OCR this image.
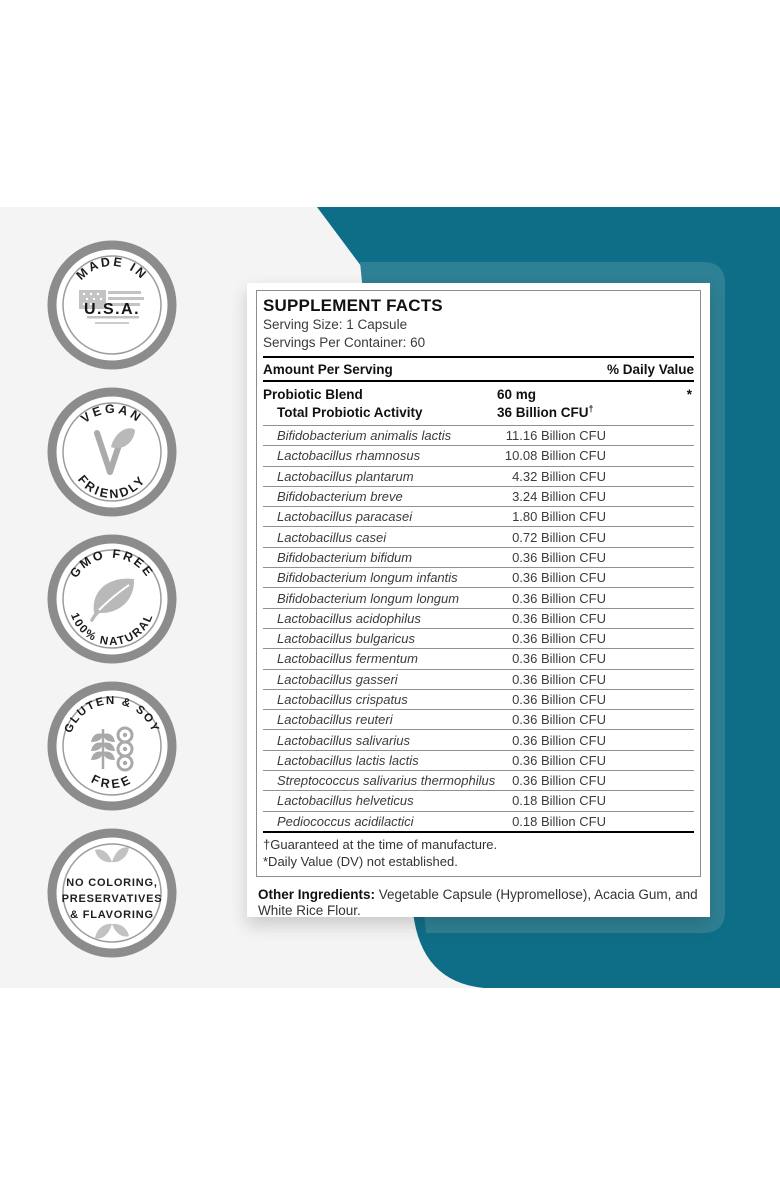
MADE IN
U.S.A.
VEGAN
FRIENDLY
GMO FREE
100% NATURAL
GLUTEN & SOY
FREE
NO COLORING,
PRESERVATIVES
& FLAVORING
SUPPLEMENT FACTS
Serving Size: 1 Capsule
Servings Per Container: 60
Amount Per Serving	% Daily Value
Probiotic Blend	60 mg	*
Total Probiotic Activity	36 Billion CFU†
Bifidobacterium animalis lactis	11.16 Billion CFU
Lactobacillus rhamnosus	10.08 Billion CFU
Lactobacillus plantarum	4.32 Billion CFU
Bifidobacterium breve	3.24 Billion CFU
Lactobacillus paracasei	1.80 Billion CFU
Lactobacillus casei	0.72 Billion CFU
Bifidobacterium bifidum	0.36 Billion CFU
Bifidobacterium longum infantis	0.36 Billion CFU
Bifidobacterium longum longum	0.36 Billion CFU
Lactobacillus acidophilus	0.36 Billion CFU
Lactobacillus bulgaricus	0.36 Billion CFU
Lactobacillus fermentum	0.36 Billion CFU
Lactobacillus gasseri	0.36 Billion CFU
Lactobacillus crispatus	0.36 Billion CFU
Lactobacillus reuteri	0.36 Billion CFU
Lactobacillus salivarius	0.36 Billion CFU
Lactobacillus lactis lactis	0.36 Billion CFU
Streptococcus salivarius thermophilus 0.36 Billion CFU
Lactobacillus helveticus	0.18 Billion CFU
Pediococcus acidilactici	0.18 Billion CFU
†Guaranteed at the time of manufacture.
*Daily Value (DV) not established.

Other Ingredients: Vegetable Capsule (Hypromellose), Acacia Gum, and White Rice Flour.
